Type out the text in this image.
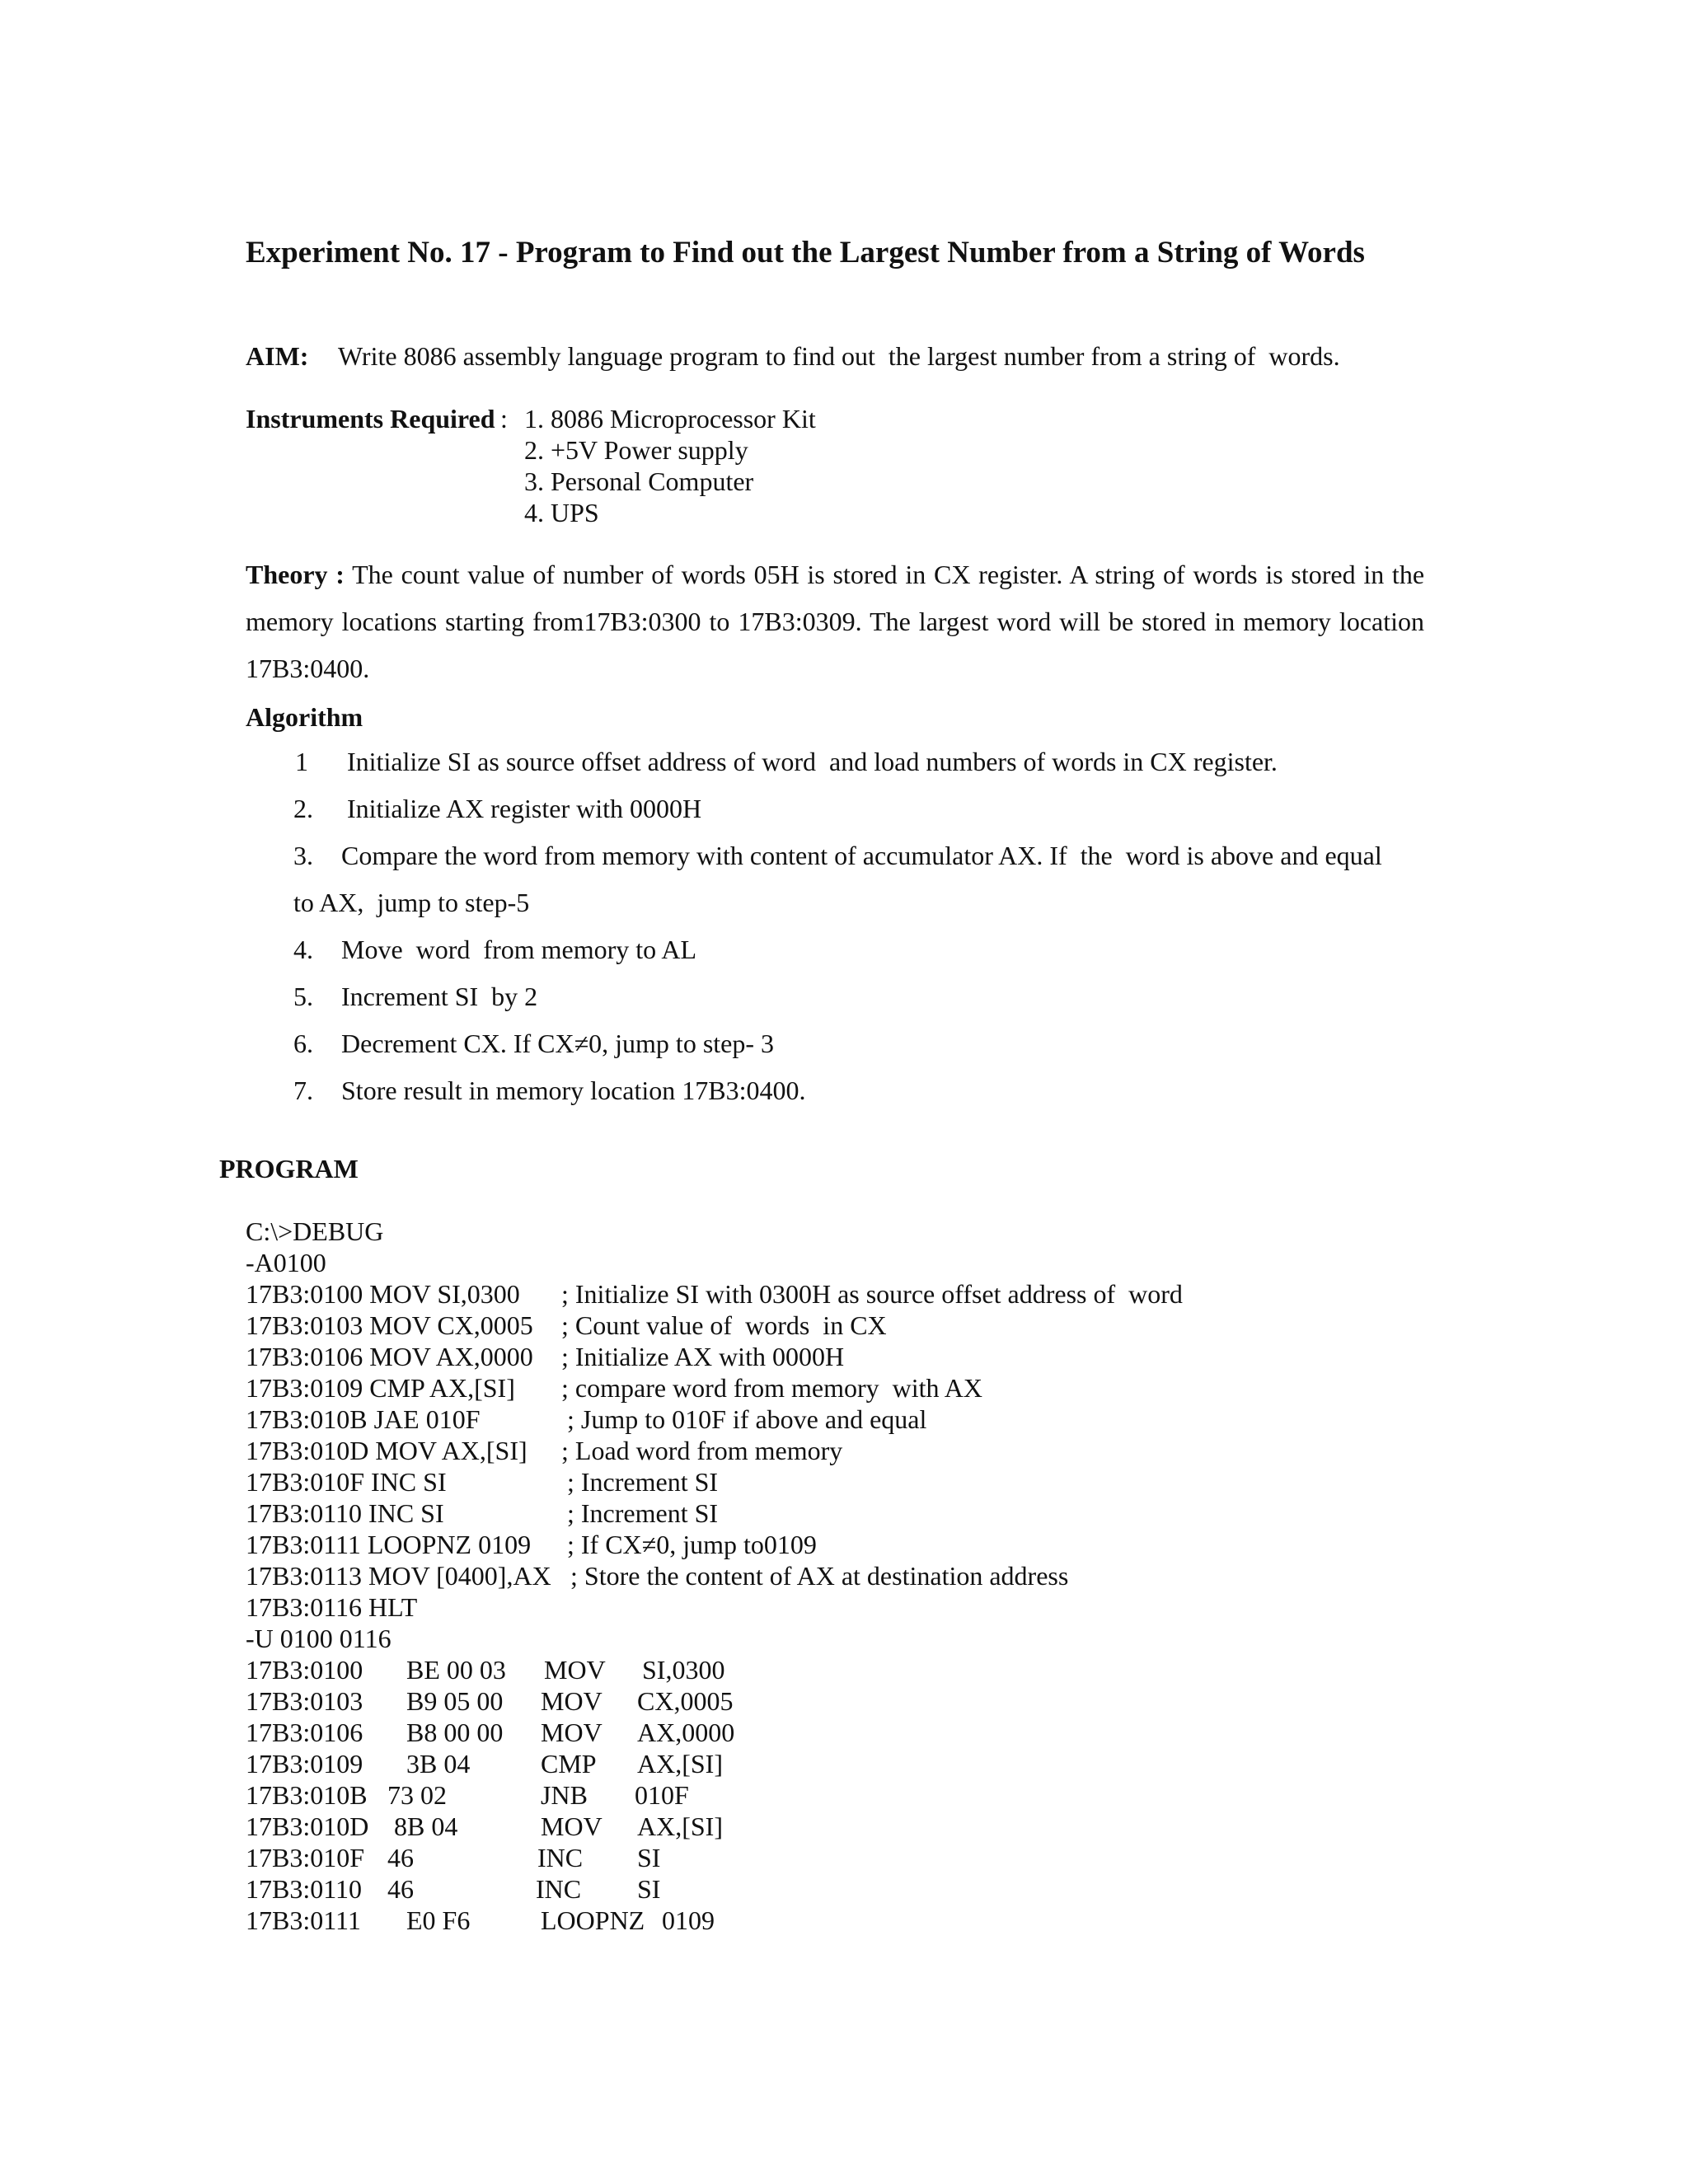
Experiment No. 17 - Program to Find out the Largest Number from a String of Words
AIM: Write 8086 assembly language program to find out  the largest number from a string of  words.
Instruments Required : 1. 8086 Microprocessor Kit
2. +5V Power supply
3. Personal Computer
4. UPS
Theory : The count value of number of words 05H is stored in CX register. A string of words is stored in the memory locations starting from17B3:0300 to 17B3:0309. The largest word will be stored in memory location 17B3:0400.
Algorithm
1 Initialize SI as source offset address of word  and load numbers of words in CX register.
2. Initialize AX register with 0000H
3. Compare the word from memory with content of accumulator AX. If  the  word is above and equal
to AX,  jump to step-5
4. Move  word  from memory to AL
5. Increment SI  by 2
6. Decrement CX. If CX≠0, jump to step- 3
7. Store result in memory location 17B3:0400.
PROGRAM
C:\>DEBUG
-A0100
17B3:0100 MOV SI,0300 ; Initialize SI with 0300H as source offset address of  word
17B3:0103 MOV CX,0005 ; Count value of  words  in CX
17B3:0106 MOV AX,0000 ; Initialize AX with 0000H
17B3:0109 CMP AX,[SI] ; compare word from memory  with AX
17B3:010B JAE 010F	; Jump to 010F if above and equal
17B3:010D MOV AX,[SI] ; Load word from memory
17B3:010F INC SI	; Increment SI
17B3:0110 INC SI	; Increment SI
17B3:0111 LOOPNZ 0109 ; If CX≠0, jump to0109
17B3:0113 MOV [0400],AX ; Store the content of AX at destination address
17B3:0116 HLT
-U 0100 0116
17B3:0100 BE 00 03 MOV SI,0300
17B3:0103 B9 05 00 MOV CX,0005
17B3:0106 B8 00 00 MOV AX,0000
17B3:0109 3B 04	CMP AX,[SI]
17B3:010B 73 02	JNB 010F
17B3:010D 8B 04	MOV AX,[SI]
17B3:010F 46	INC SI
17B3:0110 46	INC SI
17B3:0111 E0 F6	LOOPNZ 0109
